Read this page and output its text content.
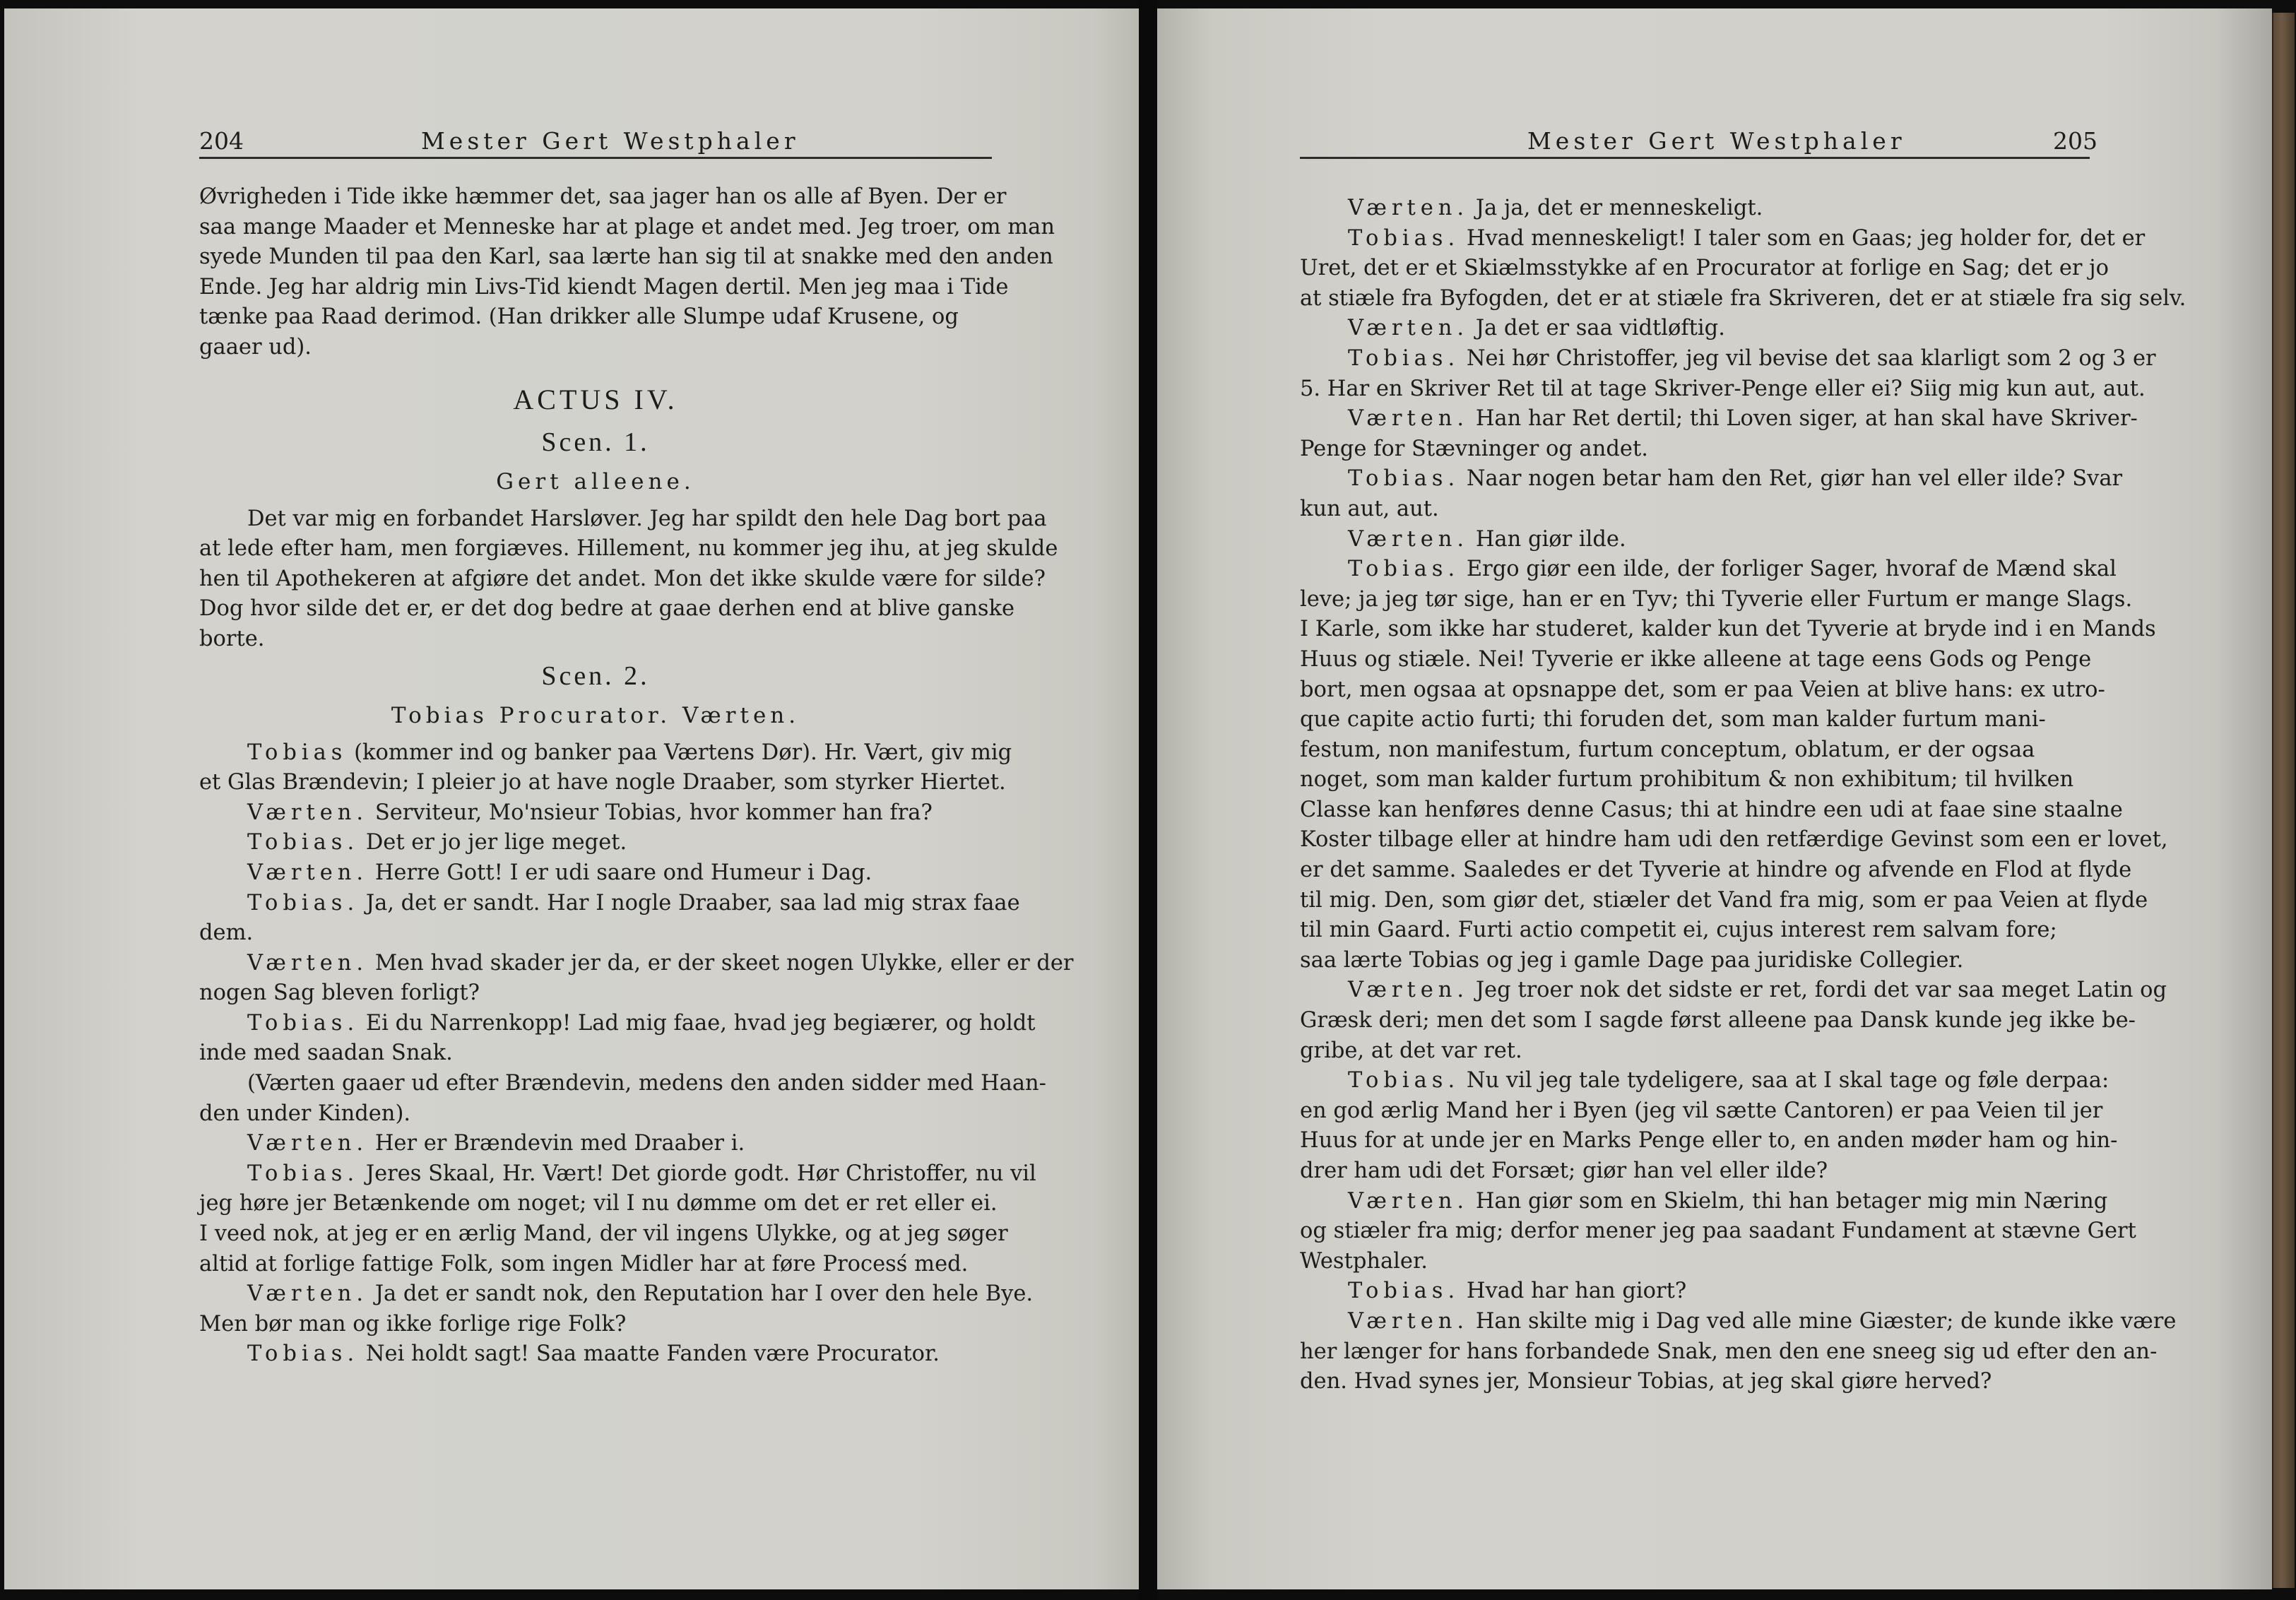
204	Mester Gert Westphaler
Øvrigheden i Tide ikke hæmmer det, saa jager han os alle af Byen. Der er
saa mange Maader et Menneske har at plage et andet med. Jeg troer, om man
syede Munden til paa den Karl, saa lærte han sig til at snakke med den anden
Ende. Jeg har aldrig min Livs-Tid kiendt Magen dertil. Men jeg maa i Tide
tænke paa Raad derimod. (Han drikker alle Slumpe udaf Krusene, og
gaaer ud).
ACTUS IV.
Scen. 1.
Gert alleene.
Det var mig en forbandet Harsløver. Jeg har spildt den hele Dag bort paa
at lede efter ham, men forgiæves. Hillement, nu kommer jeg ihu, at jeg skulde
hen til Apothekeren at afgiøre det andet. Mon det ikke skulde være for silde?
Dog hvor silde det er, er det dog bedre at gaae derhen end at blive ganske
borte.
Scen. 2.
Tobias Procurator. Værten.
Tobias (kommer ind og banker paa Værtens Dør). Hr. Vært, giv mig
et Glas Brændevin; I pleier jo at have nogle Draaber, som styrker Hiertet.
Værten. Serviteur, Mo'nsieur Tobias, hvor kommer han fra?
Tobias. Det er jo jer lige meget.
Værten. Herre Gott! I er udi saare ond Humeur i Dag.
Tobias. Ja, det er sandt. Har I nogle Draaber, saa lad mig strax faae
dem.
Værten. Men hvad skader jer da, er der skeet nogen Ulykke, eller er der
nogen Sag bleven forligt?
Tobias. Ei du Narrenkopp! Lad mig faae, hvad jeg begiærer, og holdt
inde med saadan Snak.
(Værten gaaer ud efter Brændevin, medens den anden sidder med Haan-
den under Kinden).
Værten. Her er Brændevin med Draaber i.
Tobias. Jeres Skaal, Hr. Vært! Det giorde godt. Hør Christoffer, nu vil
jeg høre jer Betænkende om noget; vil I nu dømme om det er ret eller ei.
I veed nok, at jeg er en ærlig Mand, der vil ingens Ulykke, og at jeg søger
altid at forlige fattige Folk, som ingen Midler har at føre Procesś med.
Værten. Ja det er sandt nok, den Reputation har I over den hele Bye.
Men bør man og ikke forlige rige Folk?
Tobias. Nei holdt sagt! Saa maatte Fanden være Procurator.
Mester Gert Westphaler	205
Værten. Ja ja, det er menneskeligt.
Tobias. Hvad menneskeligt! I taler som en Gaas; jeg holder for, det er
Uret, det er et Skiælmsstykke af en Procurator at forlige en Sag; det er jo
at stiæle fra Byfogden, det er at stiæle fra Skriveren, det er at stiæle fra sig selv.
Værten. Ja det er saa vidtløftig.
Tobias. Nei hør Christoffer, jeg vil bevise det saa klarligt som 2 og 3 er
5. Har en Skriver Ret til at tage Skriver-Penge eller ei? Siig mig kun aut, aut.
Værten. Han har Ret dertil; thi Loven siger, at han skal have Skriver-
Penge for Stævninger og andet.
Tobias. Naar nogen betar ham den Ret, giør han vel eller ilde? Svar
kun aut, aut.
Værten. Han giør ilde.
Tobias. Ergo giør een ilde, der forliger Sager, hvoraf de Mænd skal
leve; ja jeg tør sige, han er en Tyv; thi Tyverie eller Furtum er mange Slags.
I Karle, som ikke har studeret, kalder kun det Tyverie at bryde ind i en Mands
Huus og stiæle. Nei! Tyverie er ikke alleene at tage eens Gods og Penge
bort, men ogsaa at opsnappe det, som er paa Veien at blive hans: ex utro-
que capite actio furti; thi foruden det, som man kalder furtum mani-
festum, non manifestum, furtum conceptum, oblatum, er der ogsaa
noget, som man kalder furtum prohibitum & non exhibitum; til hvilken
Classe kan henføres denne Casus; thi at hindre een udi at faae sine staalne
Koster tilbage eller at hindre ham udi den retfærdige Gevinst som een er lovet,
er det samme. Saaledes er det Tyverie at hindre og afvende en Flod at flyde
til mig. Den, som giør det, stiæler det Vand fra mig, som er paa Veien at flyde
til min Gaard. Furti actio competit ei, cujus interest rem salvam fore;
saa lærte Tobias og jeg i gamle Dage paa juridiske Collegier.
Værten. Jeg troer nok det sidste er ret, fordi det var saa meget Latin og
Græsk deri; men det som I sagde først alleene paa Dansk kunde jeg ikke be-
gribe, at det var ret.
Tobias. Nu vil jeg tale tydeligere, saa at I skal tage og føle derpaa:
en god ærlig Mand her i Byen (jeg vil sætte Cantoren) er paa Veien til jer
Huus for at unde jer en Marks Penge eller to, en anden møder ham og hin-
drer ham udi det Forsæt; giør han vel eller ilde?
Værten. Han giør som en Skielm, thi han betager mig min Næring
og stiæler fra mig; derfor mener jeg paa saadant Fundament at stævne Gert
Westphaler.
Tobias. Hvad har han giort?
Værten. Han skilte mig i Dag ved alle mine Giæster; de kunde ikke være
her længer for hans forbandede Snak, men den ene sneeg sig ud efter den an-
den. Hvad synes jer, Monsieur Tobias, at jeg skal giøre herved?
